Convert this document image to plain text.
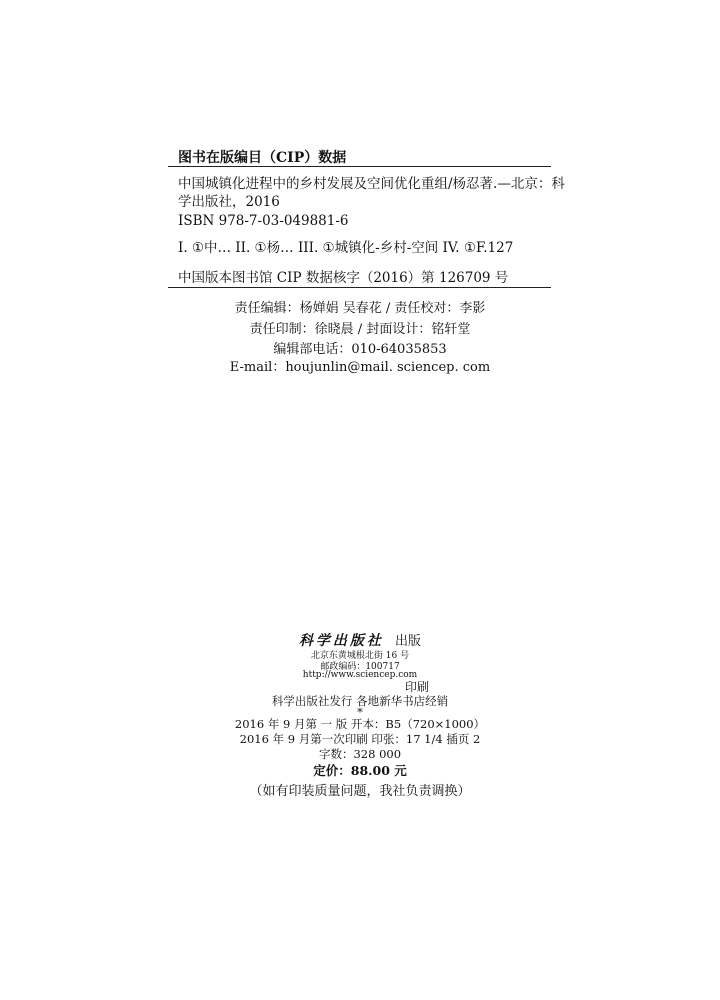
图书在版编目（CIP）数据
中国城镇化进程中的乡村发展及空间优化重组/杨忍著.—北京：科
学出版社，2016
ISBN 978-7-03-049881-6
I. ①中… II. ①杨… III. ①城镇化-乡村-空间 IV. ①F.127
中国版本图书馆 CIP 数据核字（2016）第 126709 号
责任编辑：杨婵娟 吴春花 / 责任校对：李影
责任印制：徐晓晨 / 封面设计：铭轩堂
编辑部电话：010-64035853
E-mail：houjunlin@mail. sciencep. com
科学出版社 出版
北京东黄城根北街 16 号
邮政编码：100717
http://www.sciencep.com
印刷
科学出版社发行 各地新华书店经销
*
2016 年 9 月第 一 版 开本：B5（720×1000）
2016 年 9 月第一次印刷 印张：17 1/4 插页 2
字数：328 000
定价：88.00 元
（如有印装质量问题，我社负责调换）
